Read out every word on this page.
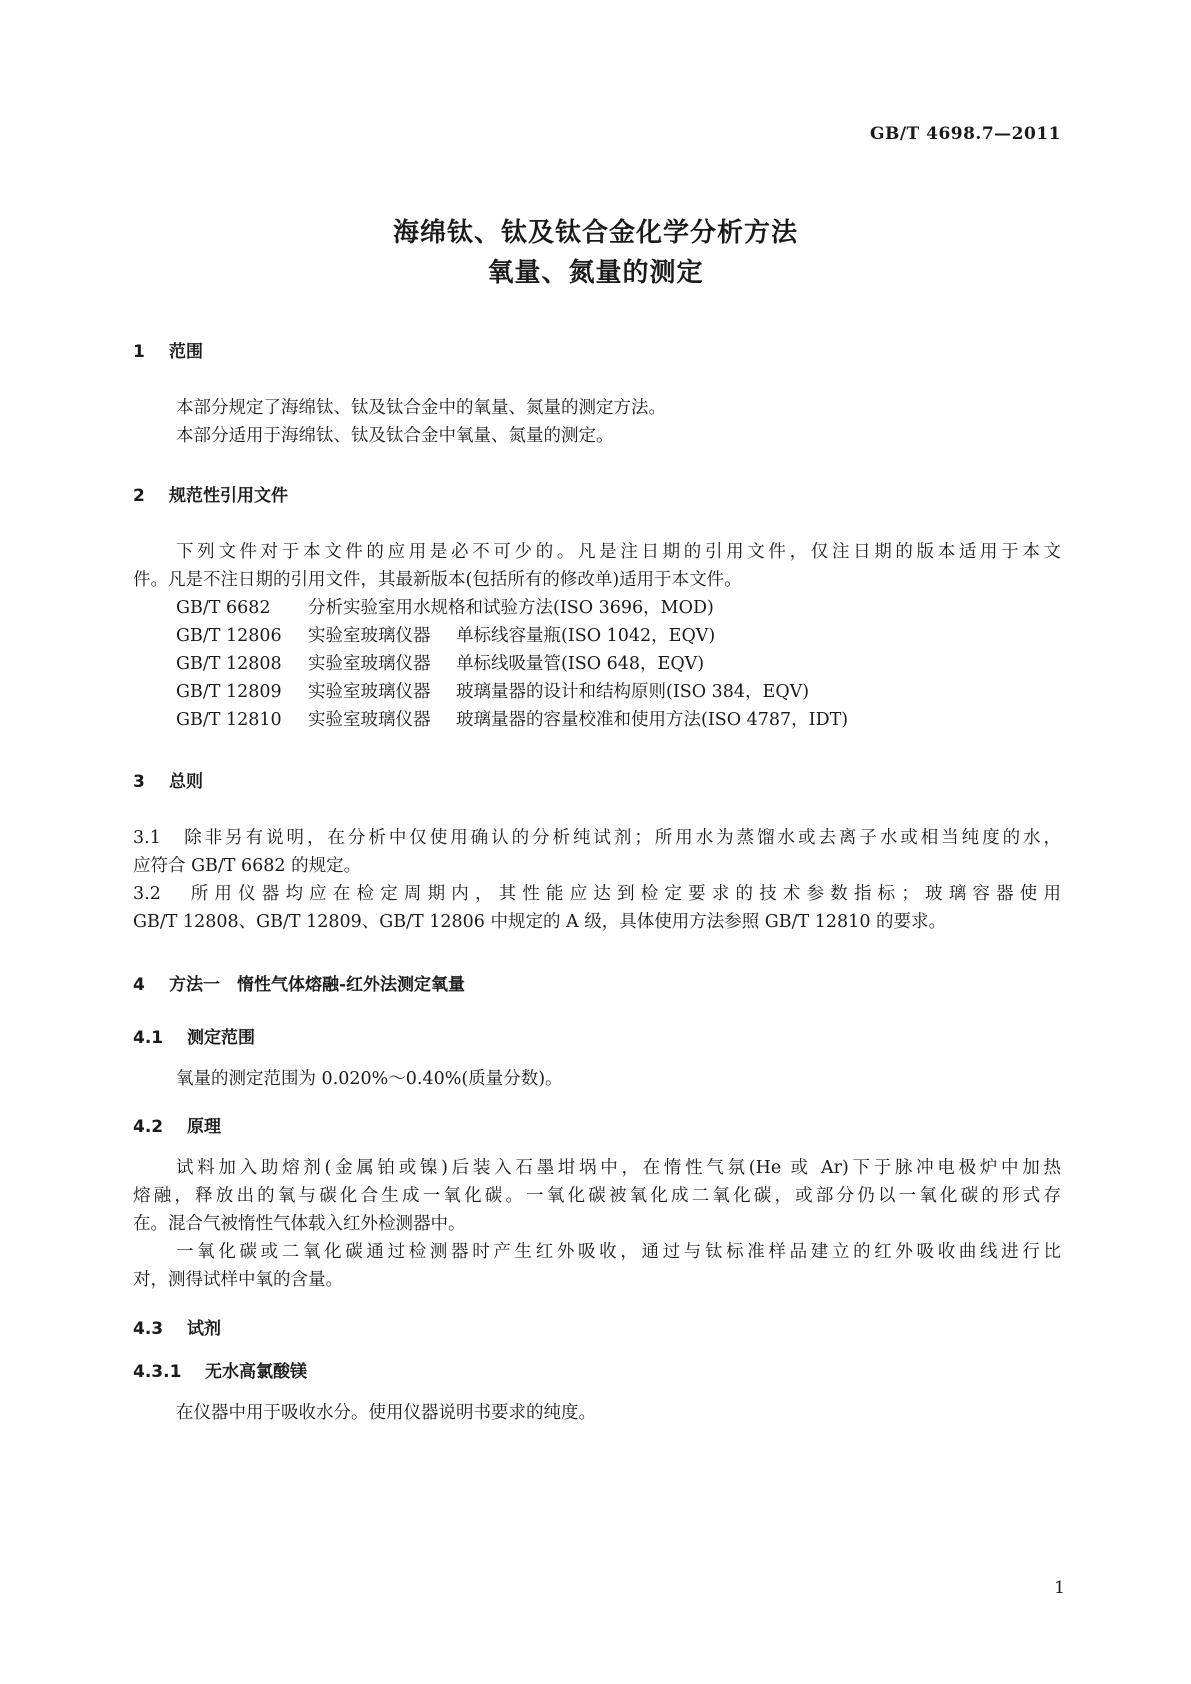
GB/T 4698.7—2011
海绵钛、钛及钛合金化学分析方法
氧量、氮量的测定
1 范围
本部分规定了海绵钛、钛及钛合金中的氧量、氮量的测定方法。
本部分适用于海绵钛、钛及钛合金中氧量、氮量的测定。
2 规范性引用文件
下列文件对于本文件的应用是必不可少的。凡是注日期的引用文件，仅注日期的版本适用于本文
件。凡是不注日期的引用文件，其最新版本(包括所有的修改单)适用于本文件。
GB/T 6682 分析实验室用水规格和试验方法(ISO 3696，MOD)
GB/T 12806 实验室玻璃仪器 单标线容量瓶(ISO 1042，EQV)
GB/T 12808 实验室玻璃仪器 单标线吸量管(ISO 648，EQV)
GB/T 12809 实验室玻璃仪器 玻璃量器的设计和结构原则(ISO 384，EQV)
GB/T 12810 实验室玻璃仪器 玻璃量器的容量校准和使用方法(ISO 4787，IDT)
3 总则
3.1　除非另有说明，在分析中仅使用确认的分析纯试剂；所用水为蒸馏水或去离子水或相当纯度的水，
应符合 GB/T 6682 的规定。
3.2　所用仪器均应在检定周期内，其性能应达到检定要求的技术参数指标；玻璃容器使用
GB/T 12808、GB/T 12809、GB/T 12806 中规定的 A 级，具体使用方法参照 GB/T 12810 的要求。
4 方法一　惰性气体熔融-红外法测定氧量
4.1 测定范围
氧量的测定范围为 0.020%～0.40%(质量分数)。
4.2 原理
试料加入助熔剂(金属铂或镍)后装入石墨坩埚中，在惰性气氛(He 或 Ar)下于脉冲电极炉中加热
熔融，释放出的氧与碳化合生成一氧化碳。一氧化碳被氧化成二氧化碳，或部分仍以一氧化碳的形式存
在。混合气被惰性气体载入红外检测器中。
一氧化碳或二氧化碳通过检测器时产生红外吸收，通过与钛标准样品建立的红外吸收曲线进行比
对，测得试样中氧的含量。
4.3 试剂
4.3.1 无水高氯酸镁
在仪器中用于吸收水分。使用仪器说明书要求的纯度。
1
